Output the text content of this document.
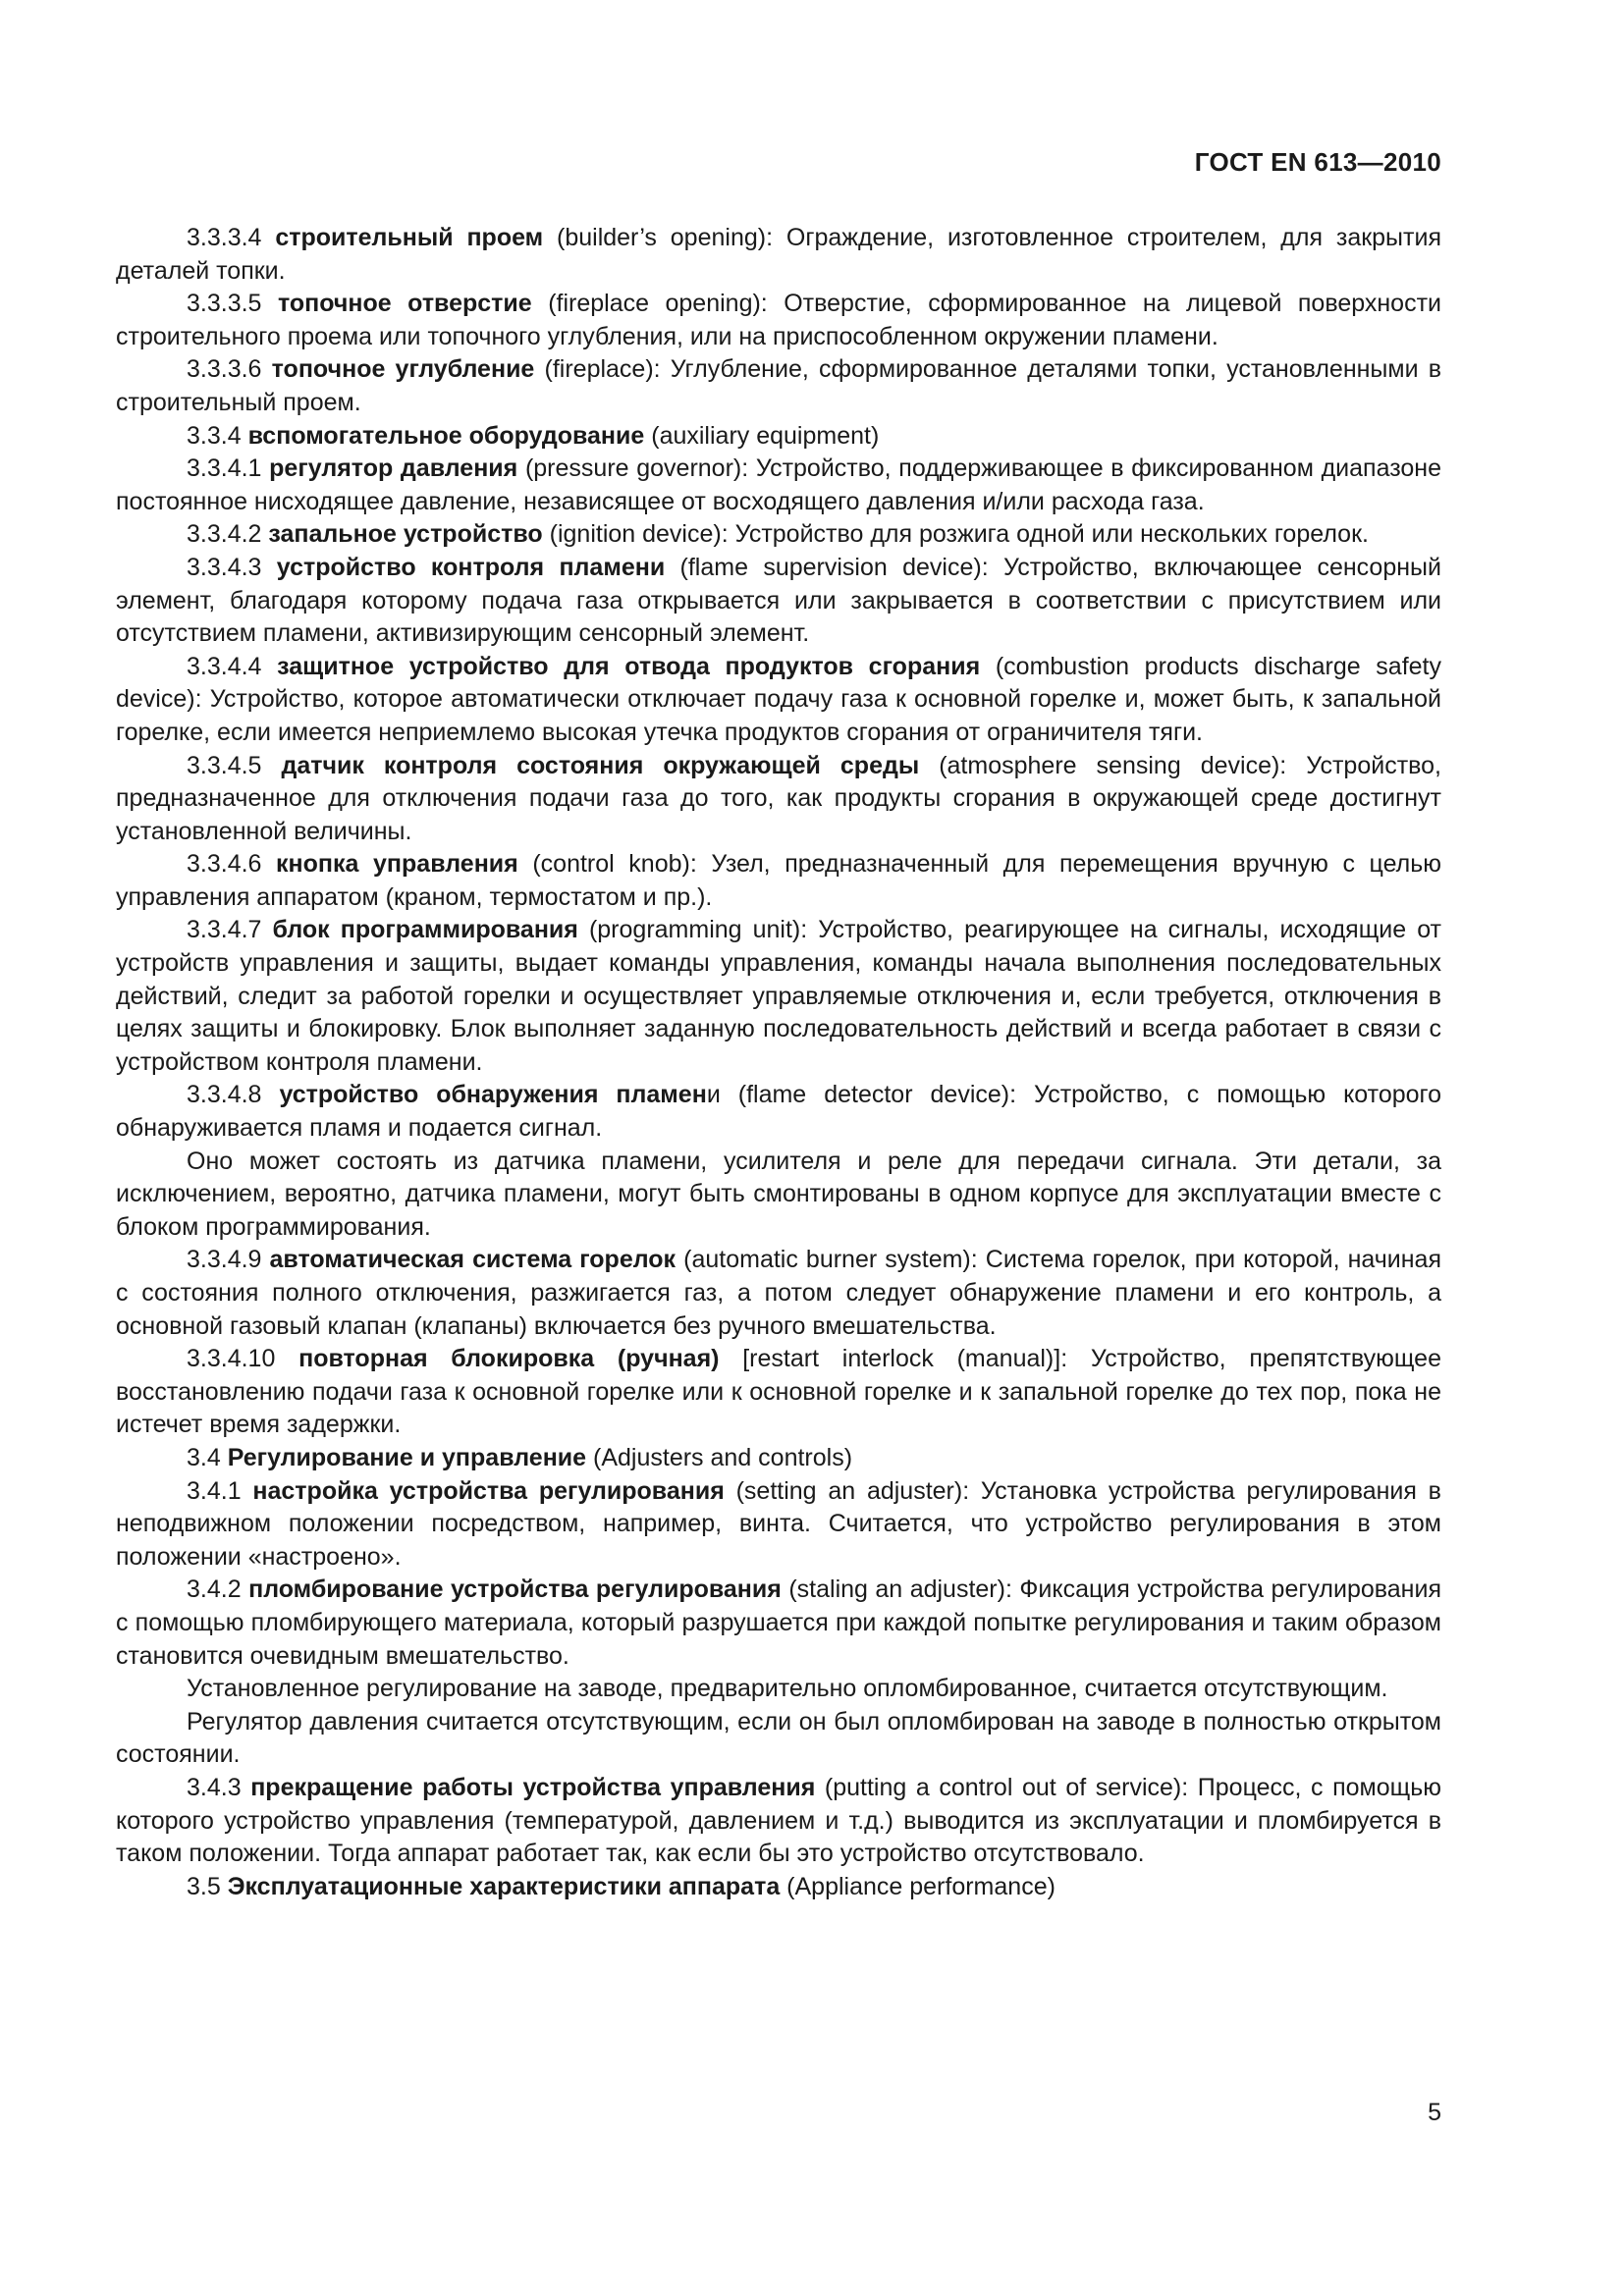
ГОСТ EN 613—2010

3.3.3.4 строительный проем (builder’s opening): Ограждение, изготовленное строителем, для закрытия деталей топки.

3.3.3.5 топочное отверстие (fireplace opening): Отверстие, сформированное на лицевой поверхности строительного проема или топочного углубления, или на приспособленном окружении пламени.

3.3.3.6 топочное углубление (fireplace): Углубление, сформированное деталями топки, установленными в строительный проем.

3.3.4 вспомогательное оборудование (auxiliary equipment)

3.3.4.1 регулятор давления (pressure governor): Устройство, поддерживающее в фиксированном диапазоне постоянное нисходящее давление, независящее от восходящего давления и/или расхода газа.

3.3.4.2 запальное устройство (ignition device): Устройство для розжига одной или нескольких горелок.

3.3.4.3 устройство контроля пламени (flame supervision device): Устройство, включающее сенсорный элемент, благодаря которому подача газа открывается или закрывается в соответствии с присутствием или отсутствием пламени, активизирующим сенсорный элемент.

3.3.4.4 защитное устройство для отвода продуктов сгорания (combustion products discharge safety device): Устройство, которое автоматически отключает подачу газа к основной горелке и, может быть, к запальной горелке, если имеется неприемлемо высокая утечка продуктов сгорания от ограничителя тяги.

3.3.4.5 датчик контроля состояния окружающей среды (atmosphere sensing device): Устройство, предназначенное для отключения подачи газа до того, как продукты сгорания в окружающей среде достигнут установленной величины.

3.3.4.6 кнопка управления (control knob): Узел, предназначенный для перемещения вручную с целью управления аппаратом (краном, термостатом и пр.).

3.3.4.7 блок программирования (programming unit): Устройство, реагирующее на сигналы, исходящие от устройств управления и защиты, выдает команды управления, команды начала выполнения последовательных действий, следит за работой горелки и осуществляет управляемые отключения и, если требуется, отключения в целях защиты и блокировку. Блок выполняет заданную последовательность действий и всегда работает в связи с устройством контроля пламени.

3.3.4.8 устройство обнаружения пламени (flame detector device): Устройство, с помощью которого обнаруживается пламя и подается сигнал.

Оно может состоять из датчика пламени, усилителя и реле для передачи сигнала. Эти детали, за исключением, вероятно, датчика пламени, могут быть смонтированы в одном корпусе для эксплуатации вместе с блоком программирования.

3.3.4.9 автоматическая система горелок (automatic burner system): Система горелок, при которой, начиная с состояния полного отключения, разжигается газ, а потом следует обнаружение пламени и его контроль, а основной газовый клапан (клапаны) включается без ручного вмешательства.

3.3.4.10 повторная блокировка (ручная) [restart interlock (manual)]: Устройство, препятствующее восстановлению подачи газа к основной горелке или к основной горелке и к запальной горелке до тех пор, пока не истечет время задержки.

3.4 Регулирование и управление (Adjusters and controls)

3.4.1 настройка устройства регулирования (setting an adjuster): Установка устройства регулирования в неподвижном положении посредством, например, винта. Считается, что устройство регулирования в этом положении «настроено».

3.4.2 пломбирование устройства регулирования (staling an adjuster): Фиксация устройства регулирования с помощью пломбирующего материала, который разрушается при каждой попытке регулирования и таким образом становится очевидным вмешательство.

Установленное регулирование на заводе, предварительно опломбированное, считается отсутствующим.

Регулятор давления считается отсутствующим, если он был опломбирован на заводе в полностью открытом состоянии.

3.4.3 прекращение работы устройства управления (putting a control out of service): Процесс, с помощью которого устройство управления (температурой, давлением и т.д.) выводится из эксплуатации и пломбируется в таком положении. Тогда аппарат работает так, как если бы это устройство отсутствовало.

3.5 Эксплуатационные характеристики аппарата (Appliance performance)

5
